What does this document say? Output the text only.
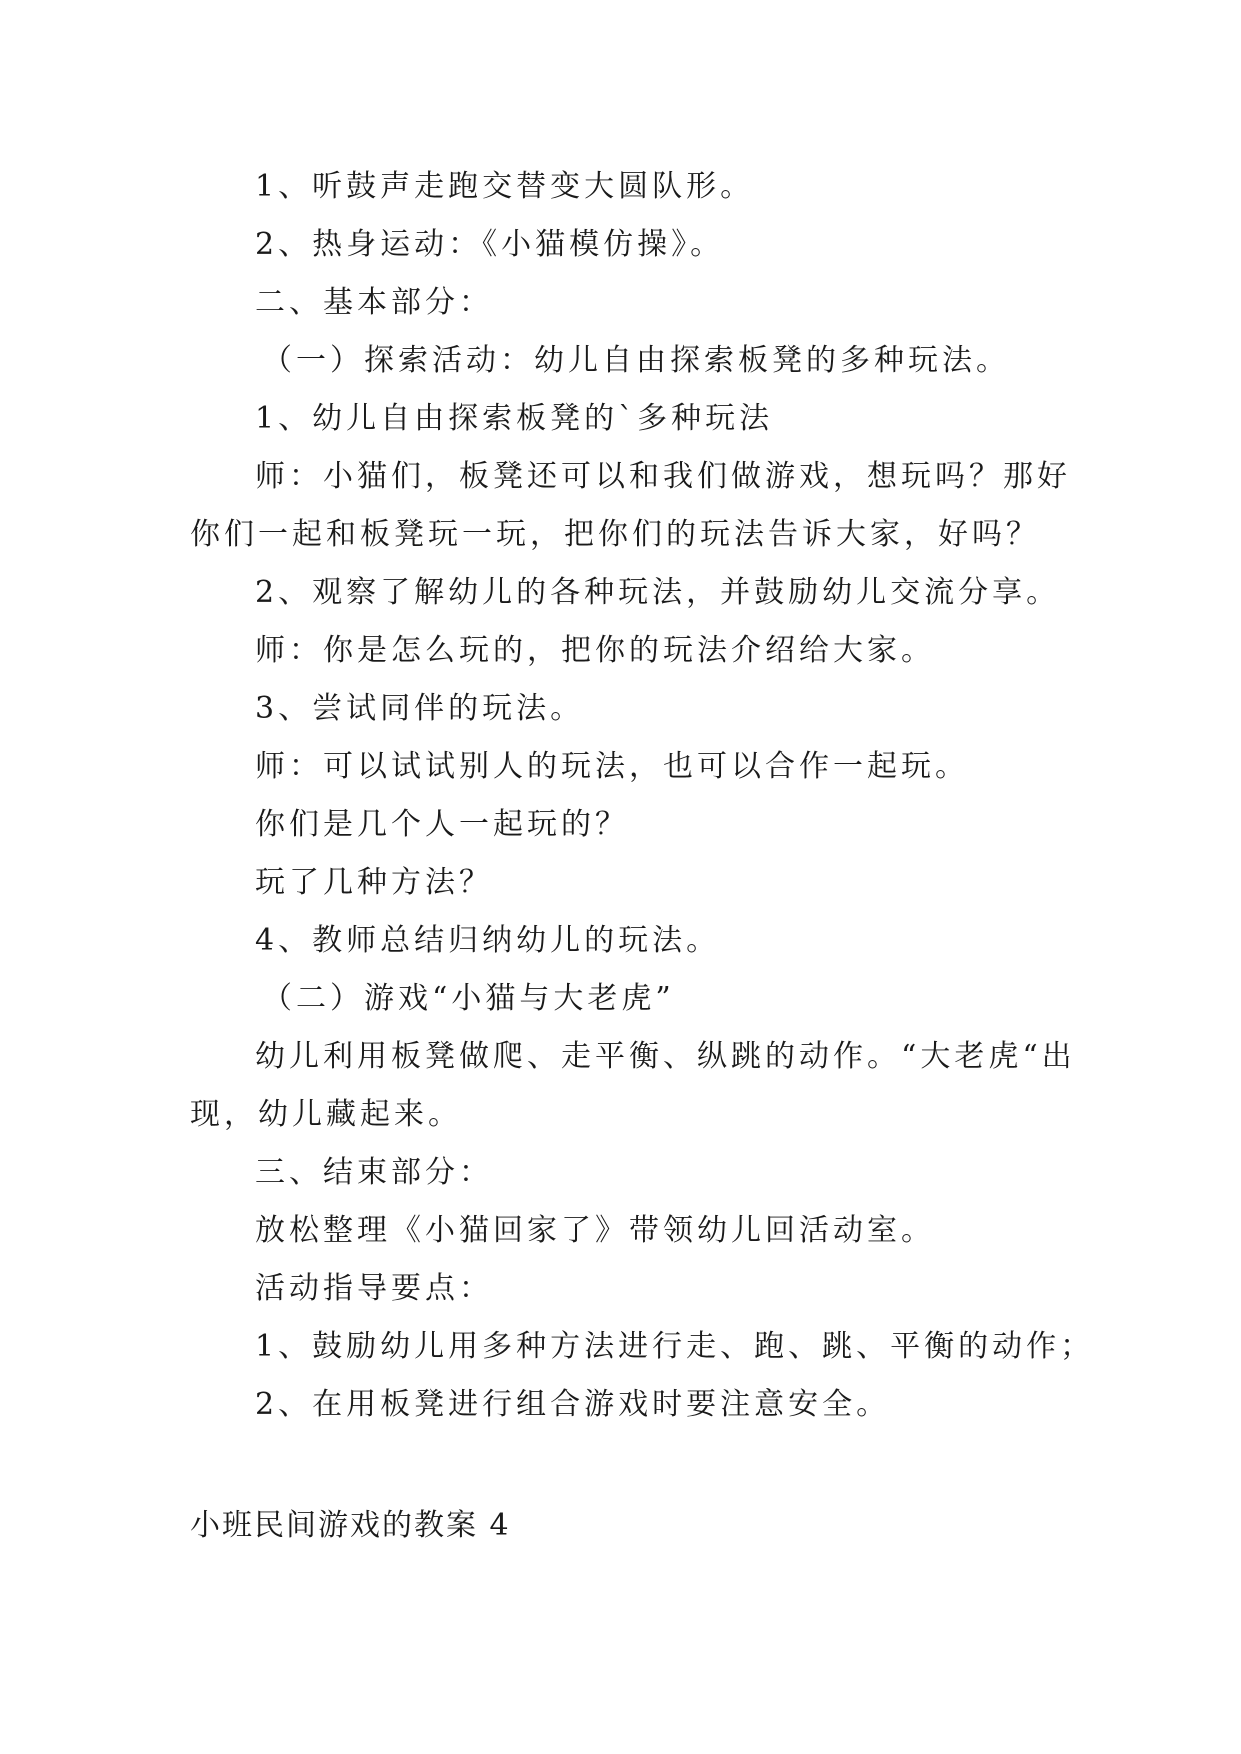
1、听鼓声走跑交替变大圆队形。
2、热身运动：《小猫模仿操》。
二、基本部分：
（一）探索活动：幼儿自由探索板凳的多种玩法。
1、幼儿自由探索板凳的`多种玩法
师：小猫们，板凳还可以和我们做游戏，想玩吗？那好
你们一起和板凳玩一玩，把你们的玩法告诉大家，好吗？
2、观察了解幼儿的各种玩法，并鼓励幼儿交流分享。
师：你是怎么玩的，把你的玩法介绍给大家。
3、尝试同伴的玩法。
师：可以试试别人的玩法，也可以合作一起玩。
你们是几个人一起玩的？
玩了几种方法？
4、教师总结归纳幼儿的玩法。
（二）游戏“小猫与大老虎”
幼儿利用板凳做爬、走平衡、纵跳的动作。“大老虎“出
现，幼儿藏起来。
三、结束部分：
放松整理《小猫回家了》带领幼儿回活动室。
活动指导要点：
1、鼓励幼儿用多种方法进行走、跑、跳、平衡的动作；
2、在用板凳进行组合游戏时要注意安全。
小班民间游戏的教案 4
